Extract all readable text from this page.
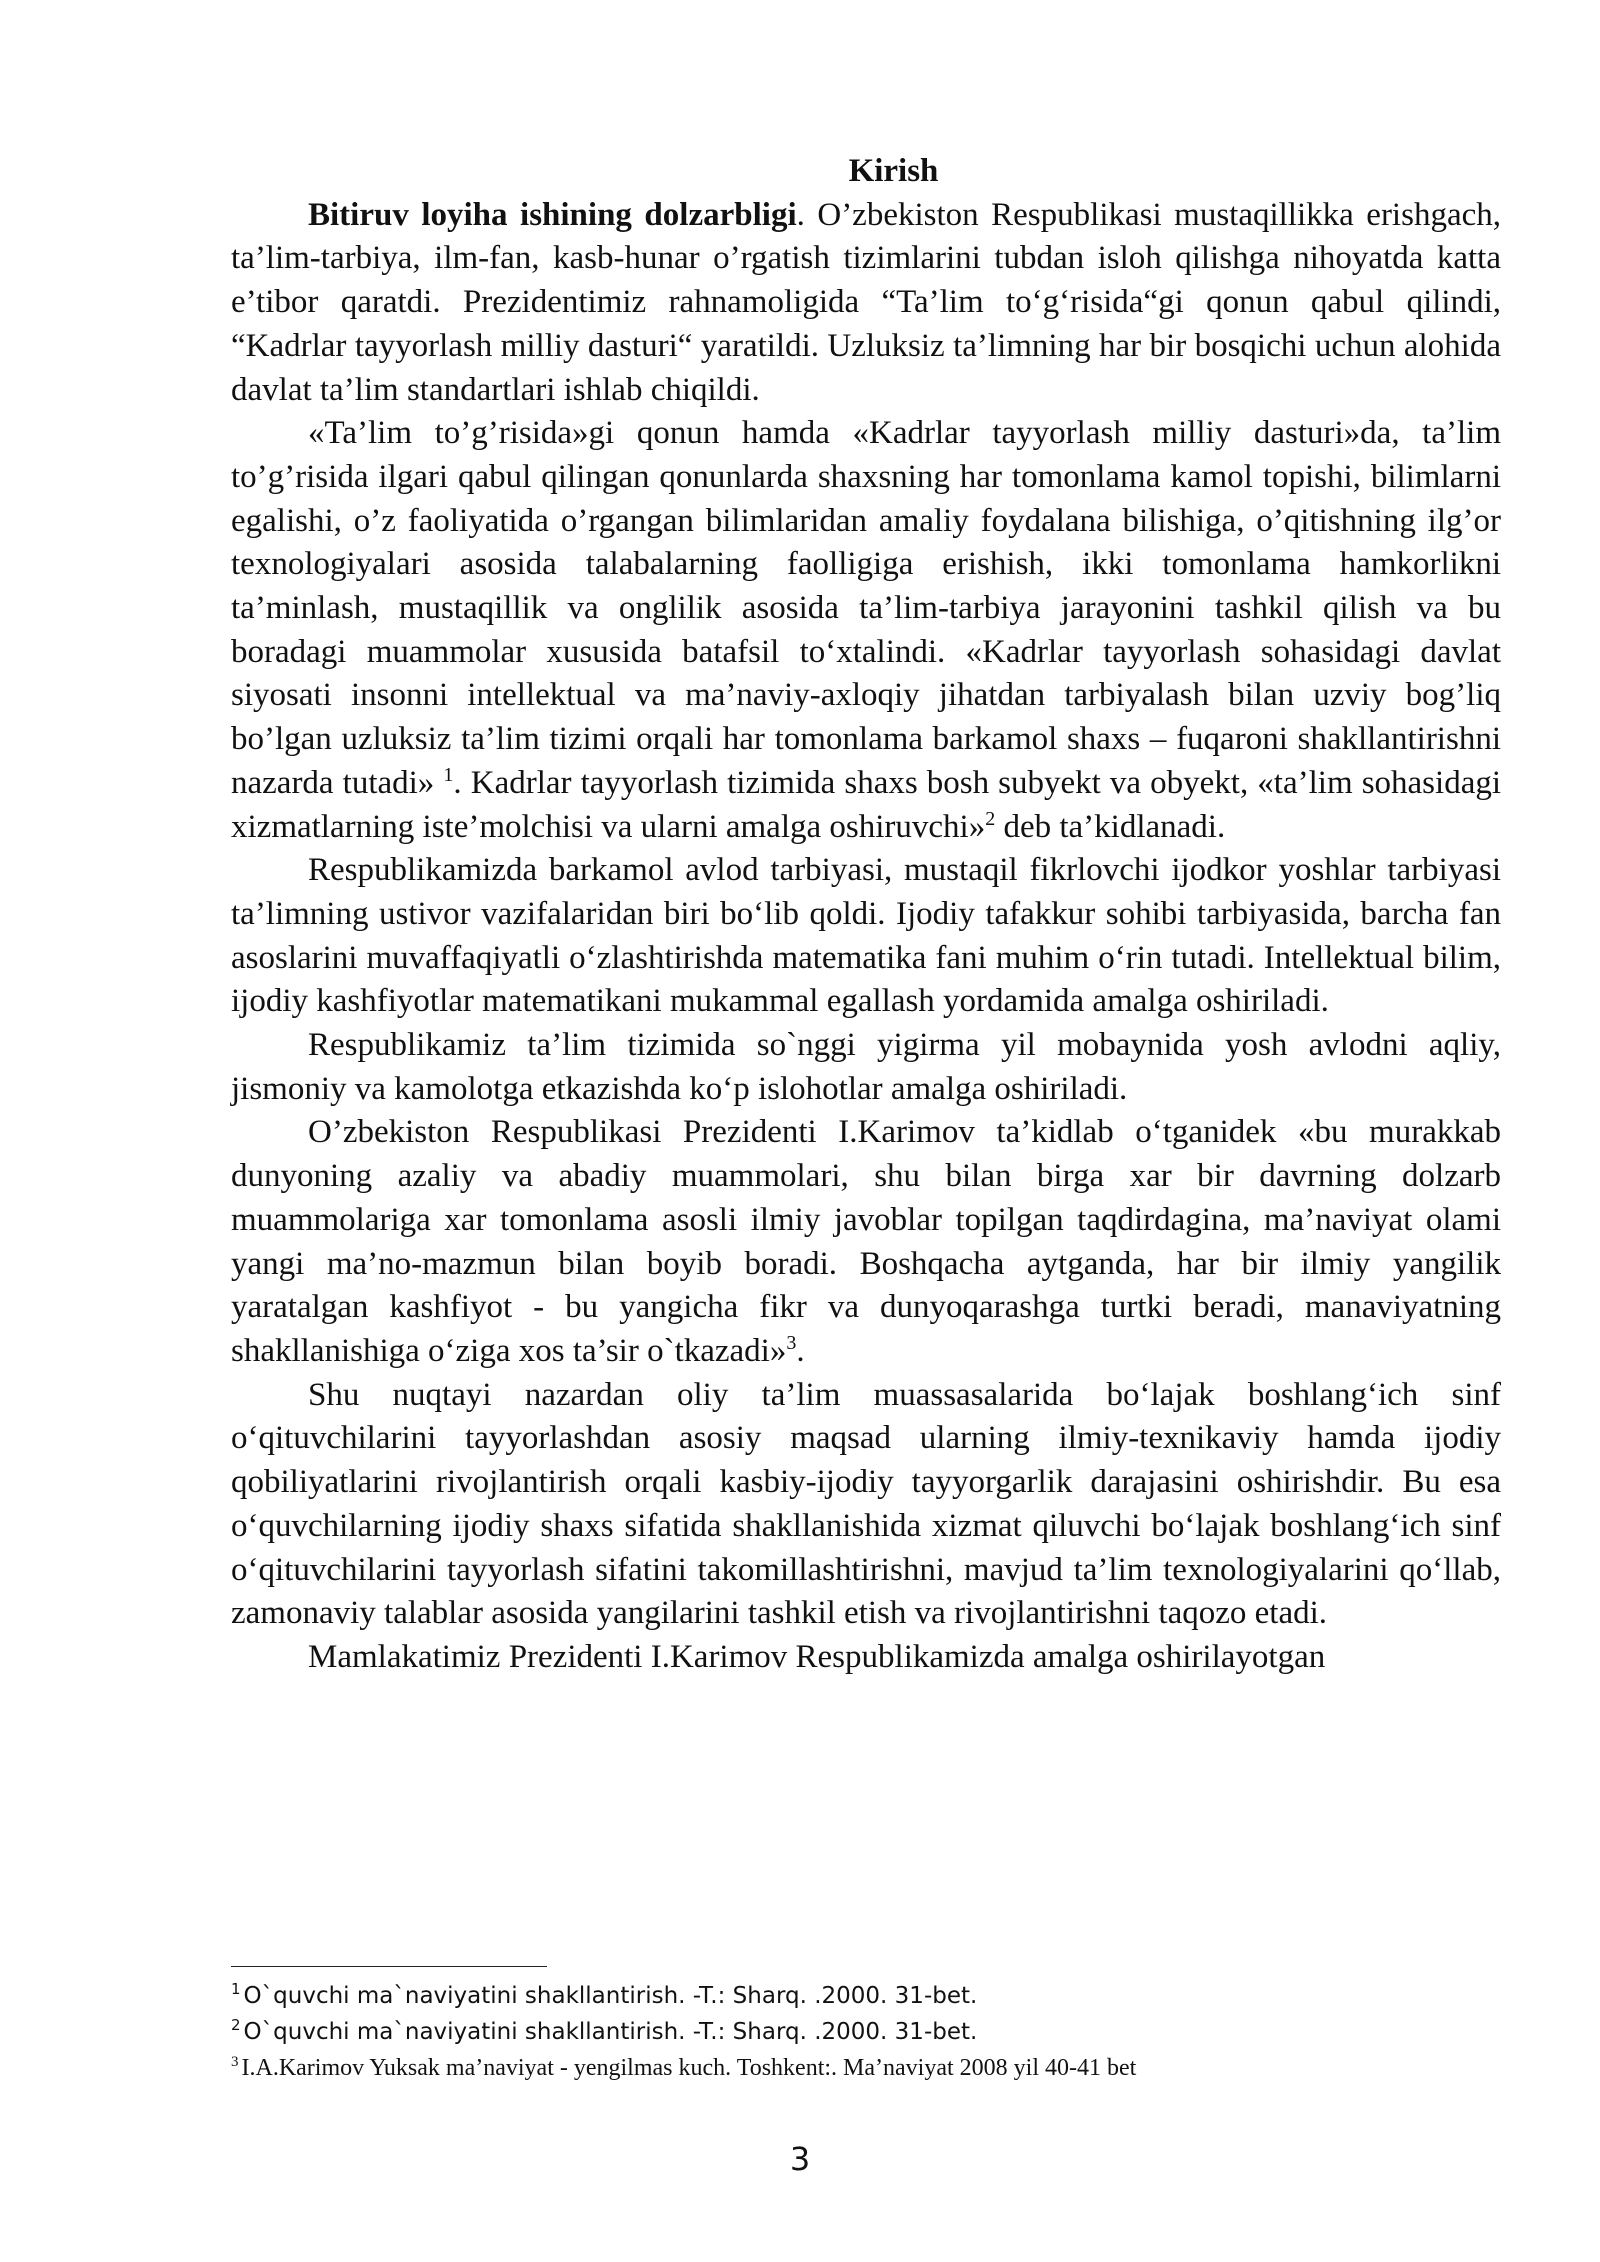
Kirish

Bitiruv loyiha ishining dolzarbligi. O’zbekiston Respublikasi mustaqillikka erishgach, ta’lim-tarbiya, ilm-fan, kasb-hunar o’rgatish tizimlarini tubdan isloh qilishga nihoyatda katta e’tibor qaratdi. Prezidentimiz rahnamoligida “Ta’lim to‘g‘risida“gi qonun qabul qilindi, “Kadrlar tayyorlash milliy dasturi“ yaratildi. Uzluksiz ta’limning har bir bosqichi uchun alohida davlat ta’lim standartlari ishlab chiqildi.

«Ta’lim to’g’risida»gi qonun hamda «Kadrlar tayyorlash milliy dasturi»da, ta’lim to’g’risida ilgari qabul qilingan qonunlarda shaxsning har tomonlama kamol topishi, bilimlarni egalishi, o’z faoliyatida o’rgangan bilimlaridan amaliy foydalana bilishiga, o’qitishning ilg’or texnologiyalari asosida talabalarning faolligiga erishish, ikki tomonlama hamkorlikni ta’minlash, mustaqillik va onglilik asosida ta’lim-tarbiya jarayonini tashkil qilish va bu boradagi muammolar xususida batafsil to‘xtalindi. «Kadrlar tayyorlash sohasidagi davlat siyosati insonni intellektual va ma’naviy-axloqiy jihatdan tarbiyalash bilan uzviy bog’liq bo’lgan uzluksiz ta’lim tizimi orqali har tomonlama barkamol shaxs – fuqaroni shakllantirishni nazarda tutadi» $^1$. Kadrlar tayyorlash tizimida shaxs bosh subyekt va obyekt, «ta’lim sohasidagi xizmatlarning iste’molchisi va ularni amalga oshiruvchi»$^2$ deb ta’kidlanadi.

Respublikamizda barkamol avlod tarbiyasi, mustaqil fikrlovchi ijodkor yoshlar tarbiyasi ta’limning ustivor vazifalaridan biri bo‘lib qoldi. Ijodiy tafakkur sohibi tarbiyasida, barcha fan asoslarini muvaffaqiyatli o‘zlashtirishda matematika fani muhim o‘rin tutadi. Intellektual bilim, ijodiy kashfiyotlar matematikani mukammal egallash yordamida amalga oshiriladi.

Respublikamiz ta’lim tizimida so`nggi yigirma yil mobaynida yosh avlodni aqliy, jismoniy va kamolotga etkazishda ko‘p islohotlar amalga oshiriladi.

O’zbekiston Respublikasi Prezidenti I.Karimov ta’kidlab o‘tganidek «bu murakkab dunyoning azaliy va abadiy muammolari, shu bilan birga xar bir davrning dolzarb muammolariga xar tomonlama asosli ilmiy javoblar topilgan taqdirdagina, ma’naviyat olami yangi ma’no-mazmun bilan boyib boradi. Boshqacha aytganda, har bir ilmiy yangilik yaratalgan kashfiyot - bu yangicha fikr va dunyoqarashga turtki beradi, manaviyatning shakllanishiga o‘ziga xos ta’sir o`tkazadi»$^3$.

Shu nuqtayi nazardan oliy ta’lim muassasalarida bo‘lajak boshlang‘ich sinf o‘qituvchilarini tayyorlashdan asosiy maqsad ularning ilmiy-texnikaviy hamda ijodiy qobiliyatlarini rivojlantirish orqali kasbiy-ijodiy tayyorgarlik darajasini oshirishdir. Bu esa o‘quvchilarning ijodiy shaxs sifatida shakllanishida xizmat qiluvchi bo‘lajak boshlang‘ich sinf o‘qituvchilarini tayyorlash sifatini takomillashtirishni, mavjud ta’lim texnologiyalarini qo‘llab, zamonaviy talablar asosida yangilarini tashkil etish va rivojlantirishni taqozo etadi.

Mamlakatimiz Prezidenti I.Karimov Respublikamizda amalga oshirilayotgan

$^1$ O`quvchi ma`naviyatini shakllantirish. -T.: Sharq. .2000. 31-bet.

$^2$ O`quvchi ma`naviyatini shakllantirish. -T.: Sharq. .2000. 31-bet.

$^3$ I.A.Karimov Yuksak ma’naviyat - yengilmas kuch. Toshkent:. Ma’naviyat 2008 yil 40-41 bet

3
